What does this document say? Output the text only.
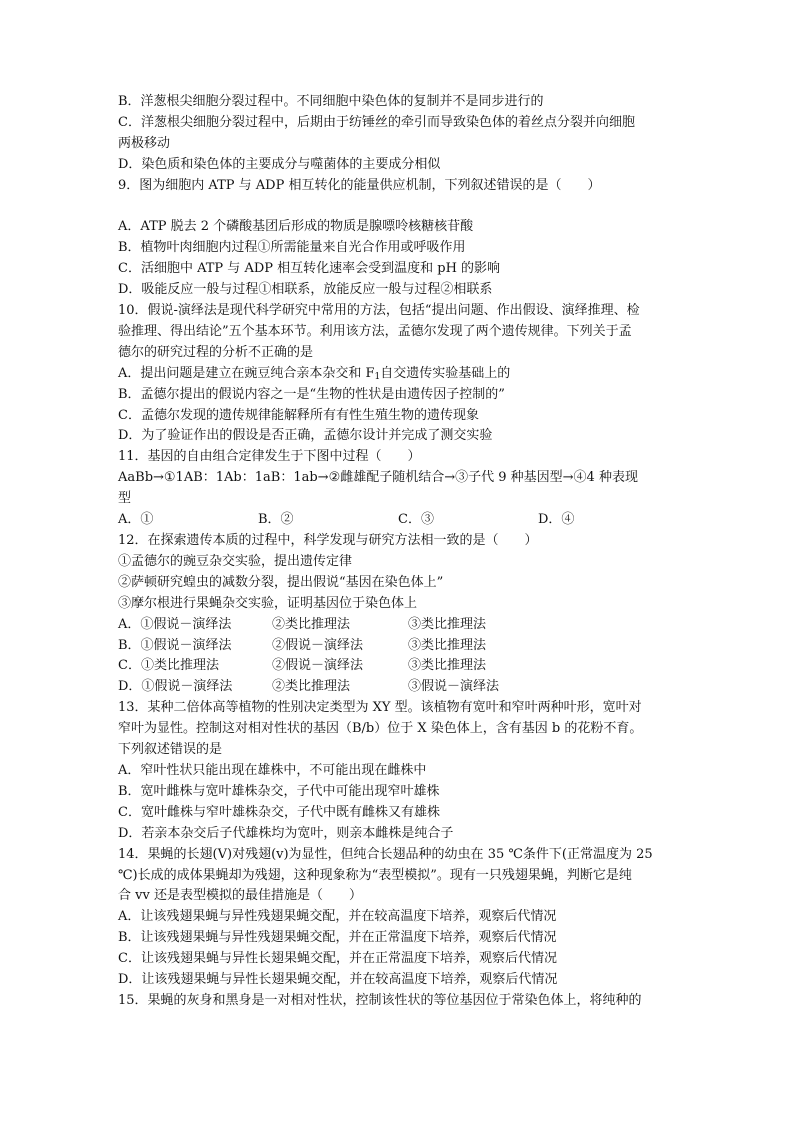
B．洋葱根尖细胞分裂过程中。不同细胞中染色体的复制并不是同步进行的
C．洋葱根尖细胞分裂过程中，后期由于纺锤丝的牵引而导致染色体的着丝点分裂并向细胞
两极移动
D．染色质和染色体的主要成分与噬菌体的主要成分相似
9．图为细胞内 ATP 与 ADP 相互转化的能量供应机制，下列叙述错误的是（　　）
A．ATP 脱去 2 个磷酸基团后形成的物质是腺嘌呤核糖核苷酸
B．植物叶肉细胞内过程①所需能量来自光合作用或呼吸作用
C．活细胞中 ATP 与 ADP 相互转化速率会受到温度和 pH 的影响
D．吸能反应一般与过程①相联系，放能反应一般与过程②相联系
10．假说-演绎法是现代科学研究中常用的方法，包括“提出问题、作出假设、演绎推理、检
验推理、得出结论”五个基本环节。利用该方法，孟德尔发现了两个遗传规律。下列关于孟
德尔的研究过程的分析不正确的是
A．提出问题是建立在豌豆纯合亲本杂交和 $F_1$自交遗传实验基础上的
B．孟德尔提出的假说内容之一是“生物的性状是由遗传因子控制的”
C．孟德尔发现的遗传规律能解释所有有性生殖生物的遗传现象
D．为了验证作出的假设是否正确，孟德尔设计并完成了测交实验
11．基因的自由组合定律发生于下图中过程（　　）
AaBb→①1AB：1Ab：1aB：1ab→②雌雄配子随机结合→③子代 9 种基因型→④4 种表现
型
A．①	B．②	C．③	D．④
12．在探索遗传本质的过程中，科学发现与研究方法相一致的是（　　）
①孟德尔的豌豆杂交实验，提出遗传定律
②萨顿研究蝗虫的减数分裂，提出假说“基因在染色体上”
③摩尔根进行果蝇杂交实验，证明基因位于染色体上
A．①假说－演绎法	②类比推理法	③类比推理法
B．①假说－演绎法	②假说－演绎法	③类比推理法
C．①类比推理法	②假说－演绎法	③类比推理法
D．①假说－演绎法	②类比推理法	③假说－演绎法
13．某种二倍体高等植物的性别决定类型为 XY 型。该植物有宽叶和窄叶两种叶形，宽叶对
窄叶为显性。控制这对相对性状的基因（B/b）位于 X 染色体上，含有基因 b 的花粉不育。
下列叙述错误的是
A．窄叶性状只能出现在雄株中，不可能出现在雌株中
B．宽叶雌株与宽叶雄株杂交，子代中可能出现窄叶雄株
C．宽叶雌株与窄叶雄株杂交，子代中既有雌株又有雄株
D．若亲本杂交后子代雄株均为宽叶，则亲本雌株是纯合子
14．果蝇的长翅(V)对残翅(v)为显性，但纯合长翅品种的幼虫在 35 ℃条件下(正常温度为 25
℃)长成的成体果蝇却为残翅，这种现象称为“表型模拟”。现有一只残翅果蝇，判断它是纯
合 vv 还是表型模拟的最佳措施是（　　）
A．让该残翅果蝇与异性残翅果蝇交配，并在较高温度下培养，观察后代情况
B．让该残翅果蝇与异性残翅果蝇交配，并在正常温度下培养，观察后代情况
C．让该残翅果蝇与异性长翅果蝇交配，并在正常温度下培养，观察后代情况
D．让该残翅果蝇与异性长翅果蝇交配，并在较高温度下培养，观察后代情况
15．果蝇的灰身和黑身是一对相对性状，控制该性状的等位基因位于常染色体上，将纯种的
